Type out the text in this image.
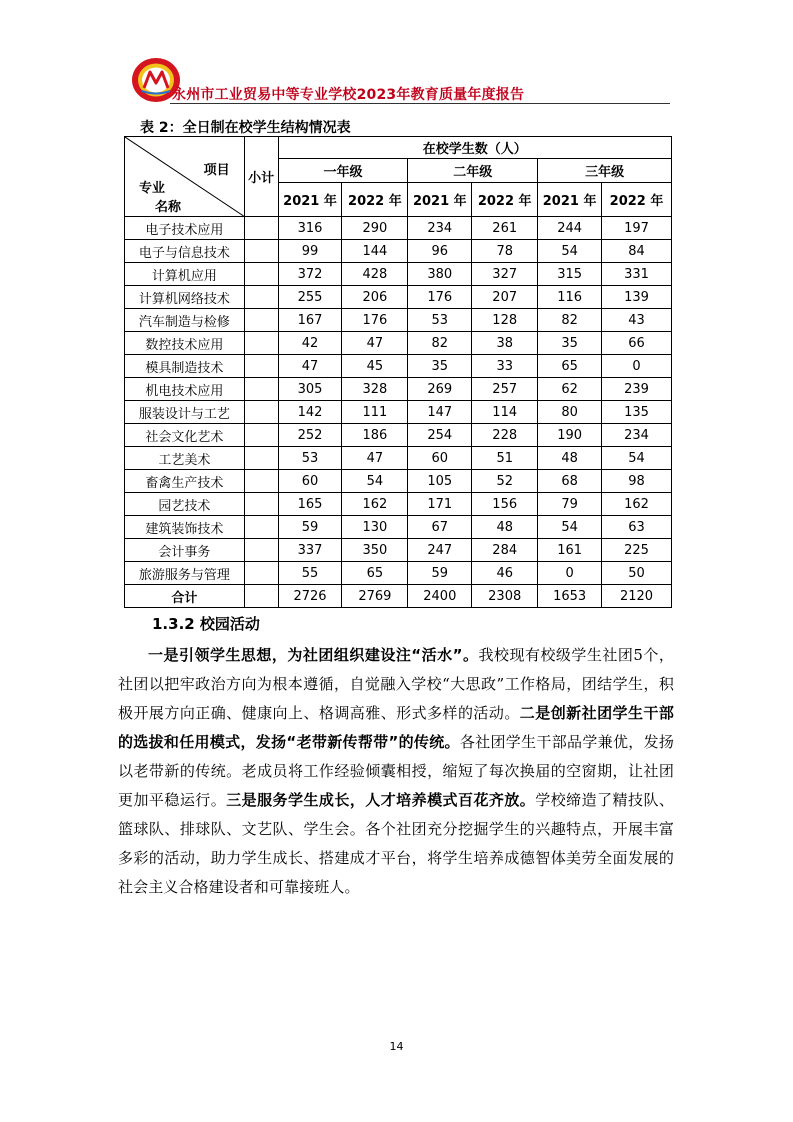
永州市工业贸易中等专业学校2023年教育质量年度报告
表 2：全日制在校学生结构情况表
项目
专业
名称	小计	在校学生数（人）					
		一年级		二年级		三年级	
		2021 年	2022 年	2021 年	2022 年	2021 年	2022 年
电子技术应用		316	290	234	261	244	197
电子与信息技术		99	144	96	78	54	84
计算机应用		372	428	380	327	315	331
计算机网络技术		255	206	176	207	116	139
汽车制造与检修		167	176	53	128	82	43
数控技术应用		42	47	82	38	35	66
模具制造技术		47	45	35	33	65	0
机电技术应用		305	328	269	257	62	239
服装设计与工艺		142	111	147	114	80	135
社会文化艺术		252	186	254	228	190	234
工艺美术		53	47	60	51	48	54
畜禽生产技术		60	54	105	52	68	98
园艺技术		165	162	171	156	79	162
建筑装饰技术		59	130	67	48	54	63
会计事务		337	350	247	284	161	225
旅游服务与管理		55	65	59	46	0	50
合计		2726	2769	2400	2308	1653	2120
1.3.2 校园活动
一是引领学生思想，为社团组织建设注“活水”。我校现有校级学生社团5个，社团以把牢政治方向为根本遵循，自觉融入学校“大思政”工作格局，团结学生，积极开展方向正确、健康向上、格调高雅、形式多样的活动。二是创新社团学生干部的选拔和任用模式，发扬“老带新传帮带”的传统。各社团学生干部品学兼优，发扬以老带新的传统。老成员将工作经验倾囊相授，缩短了每次换届的空窗期，让社团更加平稳运行。三是服务学生成长，人才培养模式百花齐放。学校缔造了精技队、篮球队、排球队、文艺队、学生会。各个社团充分挖掘学生的兴趣特点，开展丰富多彩的活动，助力学生成长、搭建成才平台，将学生培养成德智体美劳全面发展的社会主义合格建设者和可靠接班人。
14
